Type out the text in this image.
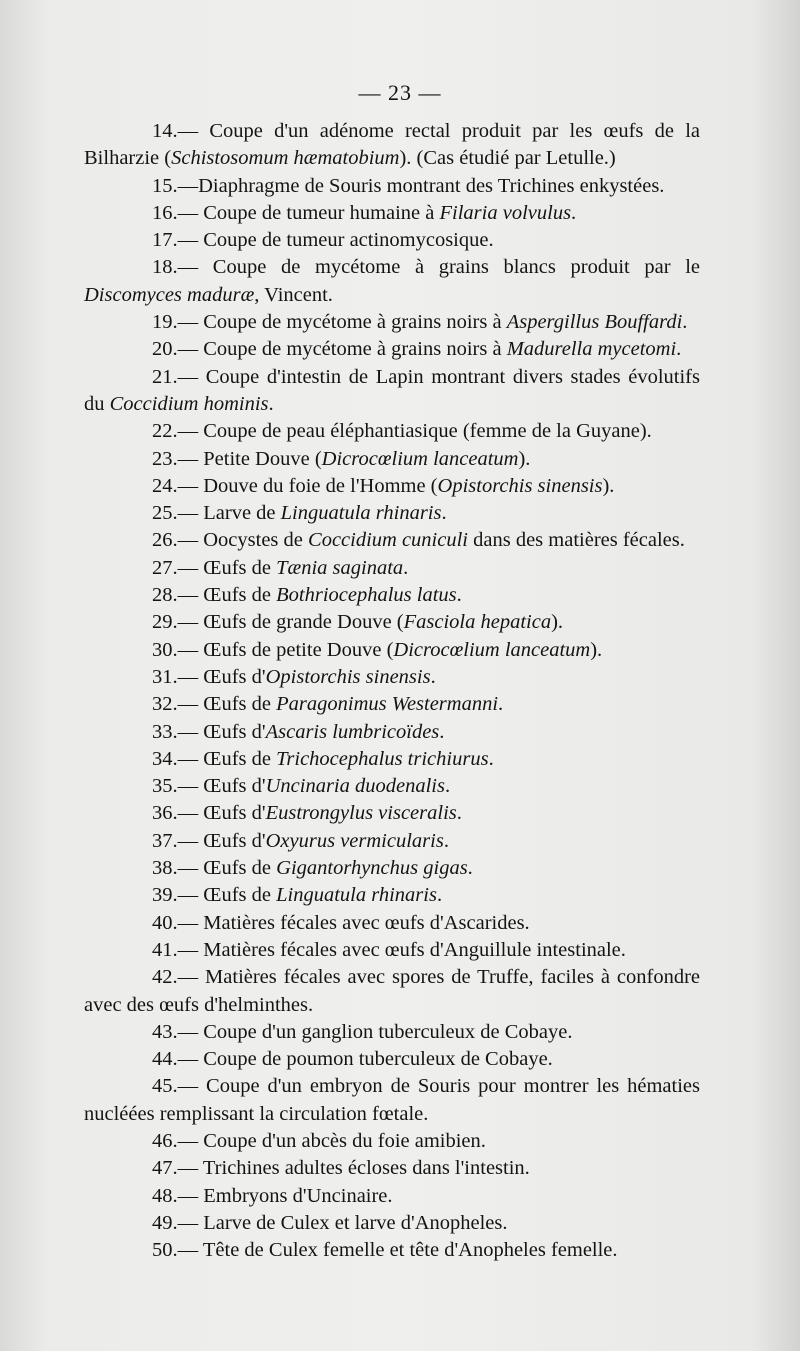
— 23 —

14.— Coupe d'un adénome rectal produit par les œufs de la Bilharzie (Schistosomum hæmatobium). (Cas étudié par Letulle.)

15.—Diaphragme de Souris montrant des Trichines enkystées.

16.— Coupe de tumeur humaine à Filaria volvulus.

17.— Coupe de tumeur actinomycosique.

18.— Coupe de mycétome à grains blancs produit par le Discomyces maduræ, Vincent.

19.— Coupe de mycétome à grains noirs à Aspergillus Bouffardi.

20.— Coupe de mycétome à grains noirs à Madurella mycetomi.

21.— Coupe d'intestin de Lapin montrant divers stades évolutifs du Coccidium hominis.

22.— Coupe de peau éléphantiasique (femme de la Guyane).

23.— Petite Douve (Dicrocœlium lanceatum).

24.— Douve du foie de l'Homme (Opistorchis sinensis).

25.— Larve de Linguatula rhinaris.

26.— Oocystes de Coccidium cuniculi dans des matières fécales.

27.— Œufs de Tænia saginata.

28.— Œufs de Bothriocephalus latus.

29.— Œufs de grande Douve (Fasciola hepatica).

30.— Œufs de petite Douve (Dicrocœlium lanceatum).

31.— Œufs d'Opistorchis sinensis.

32.— Œufs de Paragonimus Westermanni.

33.— Œufs d'Ascaris lumbricoïdes.

34.— Œufs de Trichocephalus trichiurus.

35.— Œufs d'Uncinaria duodenalis.

36.— Œufs d'Eustrongylus visceralis.

37.— Œufs d'Oxyurus vermicularis.

38.— Œufs de Gigantorhynchus gigas.

39.— Œufs de Linguatula rhinaris.

40.— Matières fécales avec œufs d'Ascarides.

41.— Matières fécales avec œufs d'Anguillule intestinale.

42.— Matières fécales avec spores de Truffe, faciles à confondre avec des œufs d'helminthes.

43.— Coupe d'un ganglion tuberculeux de Cobaye.

44.— Coupe de poumon tuberculeux de Cobaye.

45.— Coupe d'un embryon de Souris pour montrer les hématies nucléées remplissant la circulation fœtale.

46.— Coupe d'un abcès du foie amibien.

47.— Trichines adultes écloses dans l'intestin.

48.— Embryons d'Uncinaire.

49.— Larve de Culex et larve d'Anopheles.

50.— Tête de Culex femelle et tête d'Anopheles femelle.
